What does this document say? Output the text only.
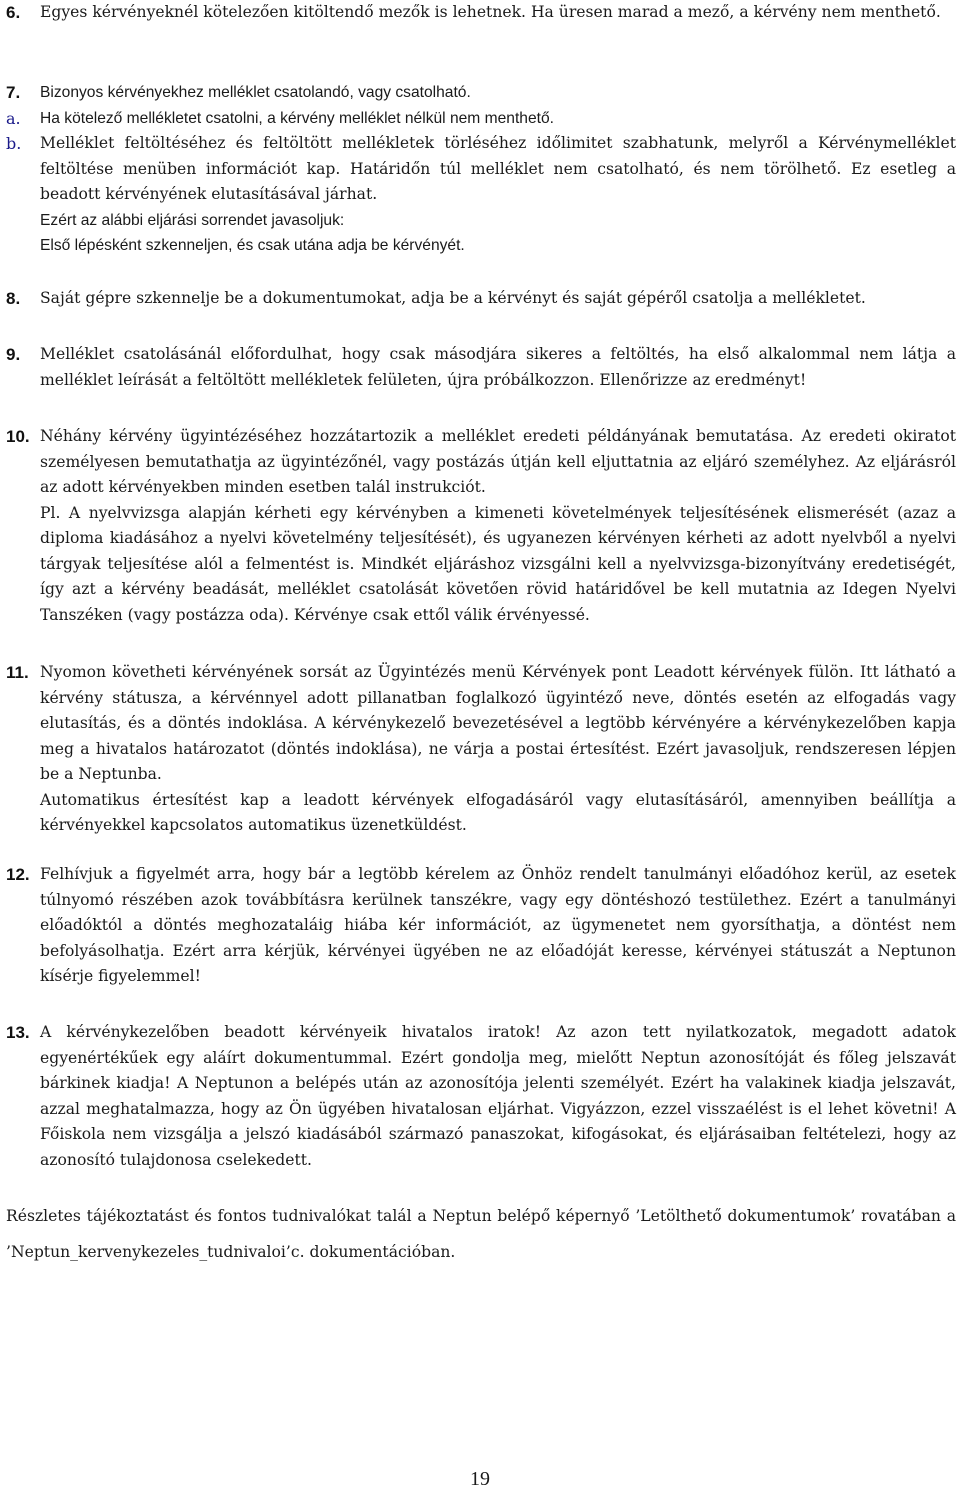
6. Egyes kérvényeknél kötelezően kitöltendő mezők is lehetnek. Ha üresen marad a mező, a kérvény nem menthető.

7. Bizonyos kérvényekhez melléklet csatolandó, vagy csatolható.

a. Ha kötelező mellékletet csatolni, a kérvény melléklet nélkül nem menthető.

b. Melléklet feltöltéséhez és feltöltött mellékletek törléséhez időlimitet szabhatunk, melyről a Kérvénymelléklet feltöltése menüben információt kap. Határidőn túl melléklet nem csatolható, és nem törölhető. Ez esetleg a beadott kérvényének elutasításával járhat.

Ezért az alábbi eljárási sorrendet javasoljuk:

Első lépésként szkenneljen, és csak utána adja be kérvényét.

8. Saját gépre szkennelje be a dokumentumokat, adja be a kérvényt és saját gépéről csatolja a mellékletet.

9. Melléklet csatolásánál előfordulhat, hogy csak másodjára sikeres a feltöltés, ha első alkalommal nem látja a melléklet leírását a feltöltött mellékletek felületen, újra próbálkozzon. Ellenőrizze az eredményt!

10. Néhány kérvény ügyintézéséhez hozzátartozik a melléklet eredeti példányának bemutatása. Az eredeti okiratot személyesen bemutathatja az ügyintézőnél, vagy postázás útján kell eljuttatnia az eljáró személyhez. Az eljárásról az adott kérvényekben minden esetben talál instrukciót.

Pl. A nyelvvizsga alapján kérheti egy kérvényben a kimeneti követelmények teljesítésének elismerését (azaz a diploma kiadásához a nyelvi követelmény teljesítését), és ugyanezen kérvényen kérheti az adott nyelvből a nyelvi tárgyak teljesítése alól a felmentést is. Mindkét eljáráshoz vizsgálni kell a nyelvvizsga-bizonyítvány eredetiségét, így azt a kérvény beadását, melléklet csatolását követően rövid határidővel be kell mutatnia az Idegen Nyelvi Tanszéken (vagy postázza oda). Kérvénye csak ettől válik érvényessé.

11. Nyomon követheti kérvényének sorsát az Ügyintézés menü Kérvények pont Leadott kérvények fülön. Itt látható a kérvény státusza, a kérvénnyel adott pillanatban foglalkozó ügyintéző neve, döntés esetén az elfogadás vagy elutasítás, és a döntés indoklása. A kérvénykezelő bevezetésével a legtöbb kérvényére a kérvénykezelőben kapja meg a hivatalos határozatot (döntés indoklása), ne várja a postai értesítést. Ezért javasoljuk, rendszeresen lépjen be a Neptunba.

Automatikus értesítést kap a leadott kérvények elfogadásáról vagy elutasításáról, amennyiben beállítja a kérvényekkel kapcsolatos automatikus üzenetküldést.

12. Felhívjuk a figyelmét arra, hogy bár a legtöbb kérelem az Önhöz rendelt tanulmányi előadóhoz kerül, az esetek túlnyomó részében azok továbbításra kerülnek tanszékre, vagy egy döntéshozó testülethez. Ezért a tanulmányi előadóktól a döntés meghozataláig hiába kér információt, az ügymenetet nem gyorsíthatja, a döntést nem befolyásolhatja. Ezért arra kérjük, kérvényei ügyében ne az előadóját keresse, kérvényei státuszát a Neptunon kísérje figyelemmel!

13. A kérvénykezelőben beadott kérvényeik hivatalos iratok! Az azon tett nyilatkozatok, megadott adatok egyenértékűek egy aláírt dokumentummal. Ezért gondolja meg, mielőtt Neptun azonosítóját és főleg jelszavát bárkinek kiadja! A Neptunon a belépés után az azonosítója jelenti személyét. Ezért ha valakinek kiadja jelszavát, azzal meghatalmazza, hogy az Ön ügyében hivatalosan eljárhat. Vigyázzon, ezzel visszaélést is el lehet követni! A Főiskola nem vizsgálja a jelszó kiadásából származó panaszokat, kifogásokat, és eljárásaiban feltételezi, hogy az azonosító tulajdonosa cselekedett.

Részletes tájékoztatást és fontos tudnivalókat talál a Neptun belépő képernyő ’Letölthető dokumentumok’ rovatában a ’Neptun_kervenykezeles_tudnivaloi’c. dokumentációban.

19
